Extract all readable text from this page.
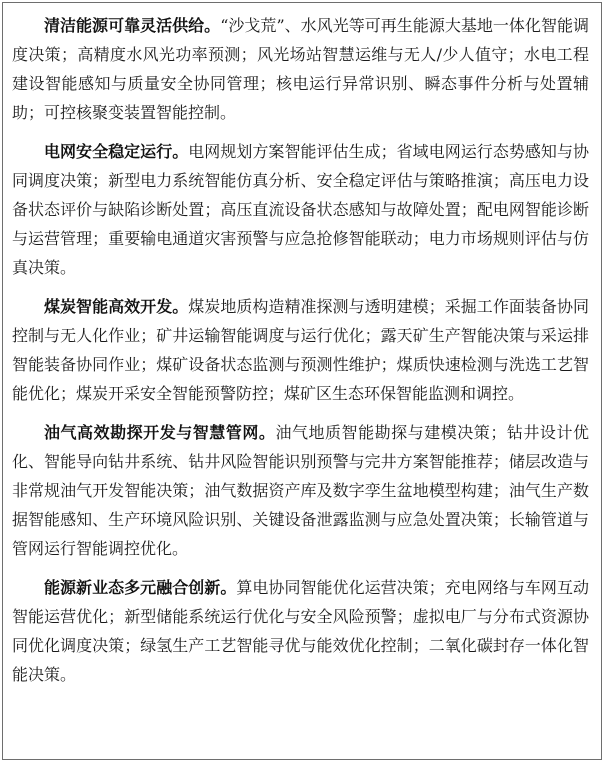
清洁能源可靠灵活供给。“沙戈荒”、水风光等可再生能源大基地一体化智能调度决策；高精度水风光功率预测；风光场站智慧运维与无人/少人值守；水电工程建设智能感知与质量安全协同管理；核电运行异常识别、瞬态事件分析与处置辅助；可控核聚变装置智能控制。

电网安全稳定运行。电网规划方案智能评估生成；省域电网运行态势感知与协同调度决策；新型电力系统智能仿真分析、安全稳定评估与策略推演；高压电力设备状态评价与缺陷诊断处置；高压直流设备状态感知与故障处置；配电网智能诊断与运营管理；重要输电通道灾害预警与应急抢修智能联动；电力市场规则评估与仿真决策。

煤炭智能高效开发。煤炭地质构造精准探测与透明建模；采掘工作面装备协同控制与无人化作业；矿井运输智能调度与运行优化；露天矿生产智能决策与采运排智能装备协同作业；煤矿设备状态监测与预测性维护；煤质快速检测与洗选工艺智能优化；煤炭开采安全智能预警防控；煤矿区生态环保智能监测和调控。

油气高效勘探开发与智慧管网。油气地质智能勘探与建模决策；钻井设计优化、智能导向钻井系统、钻井风险智能识别预警与完井方案智能推荐；储层改造与非常规油气开发智能决策；油气数据资产库及数字孪生盆地模型构建；油气生产数据智能感知、生产环境风险识别、关键设备泄露监测与应急处置决策；长输管道与管网运行智能调控优化。

能源新业态多元融合创新。算电协同智能优化运营决策；充电网络与车网互动智能运营优化；新型储能系统运行优化与安全风险预警；虚拟电厂与分布式资源协同优化调度决策；绿氢生产工艺智能寻优与能效优化控制；二氧化碳封存一体化智能决策。
